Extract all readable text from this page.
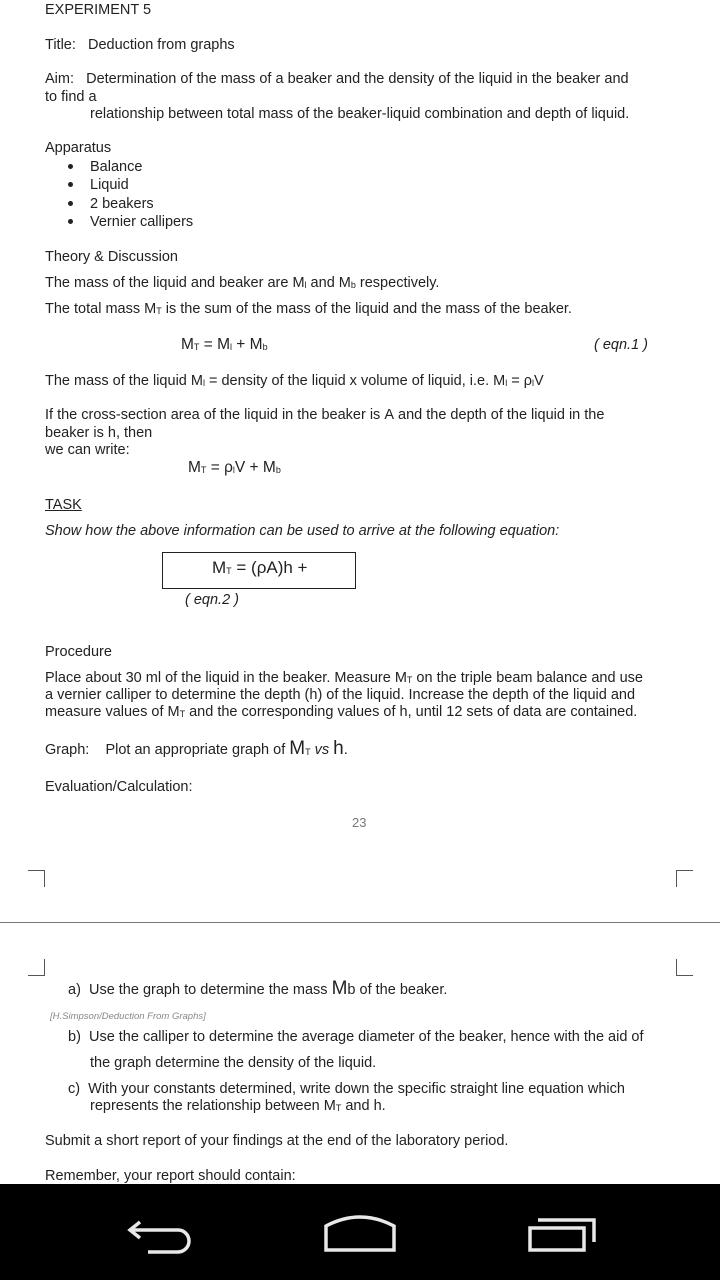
EXPERIMENT 5
Title: Deduction from graphs
Aim: Determination of the mass of a beaker and the density of the liquid in the beaker and
to find a
relationship between total mass of the beaker-liquid combination and depth of liquid.
Apparatus
Balance
Liquid
2 beakers
Vernier callipers
Theory & Discussion
The mass of the liquid and beaker are Ml and Mb respectively.
The total mass MT is the sum of the mass of the liquid and the mass of the beaker.
MT = Ml + Mb	( eqn.1 )
The mass of the liquid Ml = density of the liquid x volume of liquid, i.e. Ml = ρlV
If the cross-section area of the liquid in the beaker is A and the depth of the liquid in the
beaker is h, then
we can write:
MT = ρlV + Mb
TASK
Show how the above information can be used to arrive at the following equation:
MT = (ρA)h +
( eqn.2 )
Procedure
Place about 30 ml of the liquid in the beaker. Measure MT on the triple beam balance and use
a vernier calliper to determine the depth (h) of the liquid. Increase the depth of the liquid and
measure values of MT and the corresponding values of h, until 12 sets of data are contained.
Graph: Plot an appropriate graph of MT vs h.
Evaluation/Calculation:
23
a) Use the graph to determine the mass Mb of the beaker.
[H.Simpson/Deduction From Graphs]
b) Use the calliper to determine the average diameter of the beaker, hence with the aid of
the graph determine the density of the liquid.
c) With your constants determined, write down the specific straight line equation which
represents the relationship between MT and h.
Submit a short report of your findings at the end of the laboratory period.
Remember, your report should contain:
